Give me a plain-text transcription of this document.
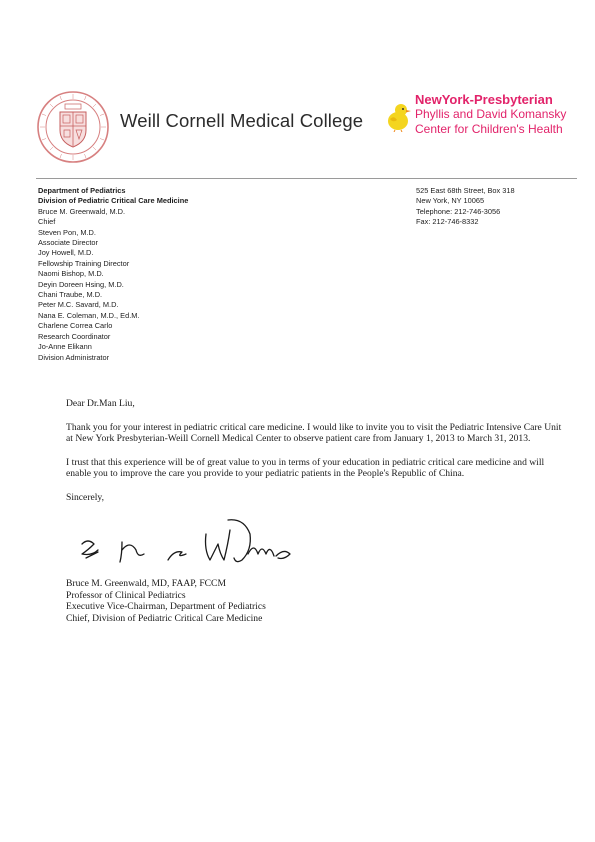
Weill Cornell Medical College
NewYork-Presbyterian
Phyllis and David Komansky
Center for Children's Health
Department of Pediatrics
Division of Pediatric Critical Care Medicine
Bruce M. Greenwald, M.D.
Chief
Steven Pon, M.D.
Associate Director
Joy Howell, M.D.
Fellowship Training Director
Naomi Bishop, M.D.
Deyin Doreen Hsing, M.D.
Chani Traube, M.D.
Peter M.C. Savard, M.D.
Nana E. Coleman, M.D., Ed.M.
Charlene Correa Carlo
Research Coordinator
Jo-Anne Elikann
Division Administrator
525 East 68th Street, Box 318
New York, NY 10065
Telephone: 212-746-3056
Fax: 212-746-8332

Dear Dr.Man Liu,

Thank you for your interest in pediatric critical care medicine. I would like to invite you to visit the Pediatric Intensive Care Unit at New York Presbyterian-Weill Cornell Medical Center to observe patient care from January 1, 2013 to March 31, 2013.

I trust that this experience will be of great value to you in terms of your education in pediatric critical care medicine and will enable you to improve the care you provide to your pediatric patients in the People's Republic of China.

Sincerely,

Bruce M. Greenwald, MD, FAAP, FCCM
Professor of Clinical Pediatrics
Executive Vice-Chairman, Department of Pediatrics
Chief, Division of Pediatric Critical Care Medicine
